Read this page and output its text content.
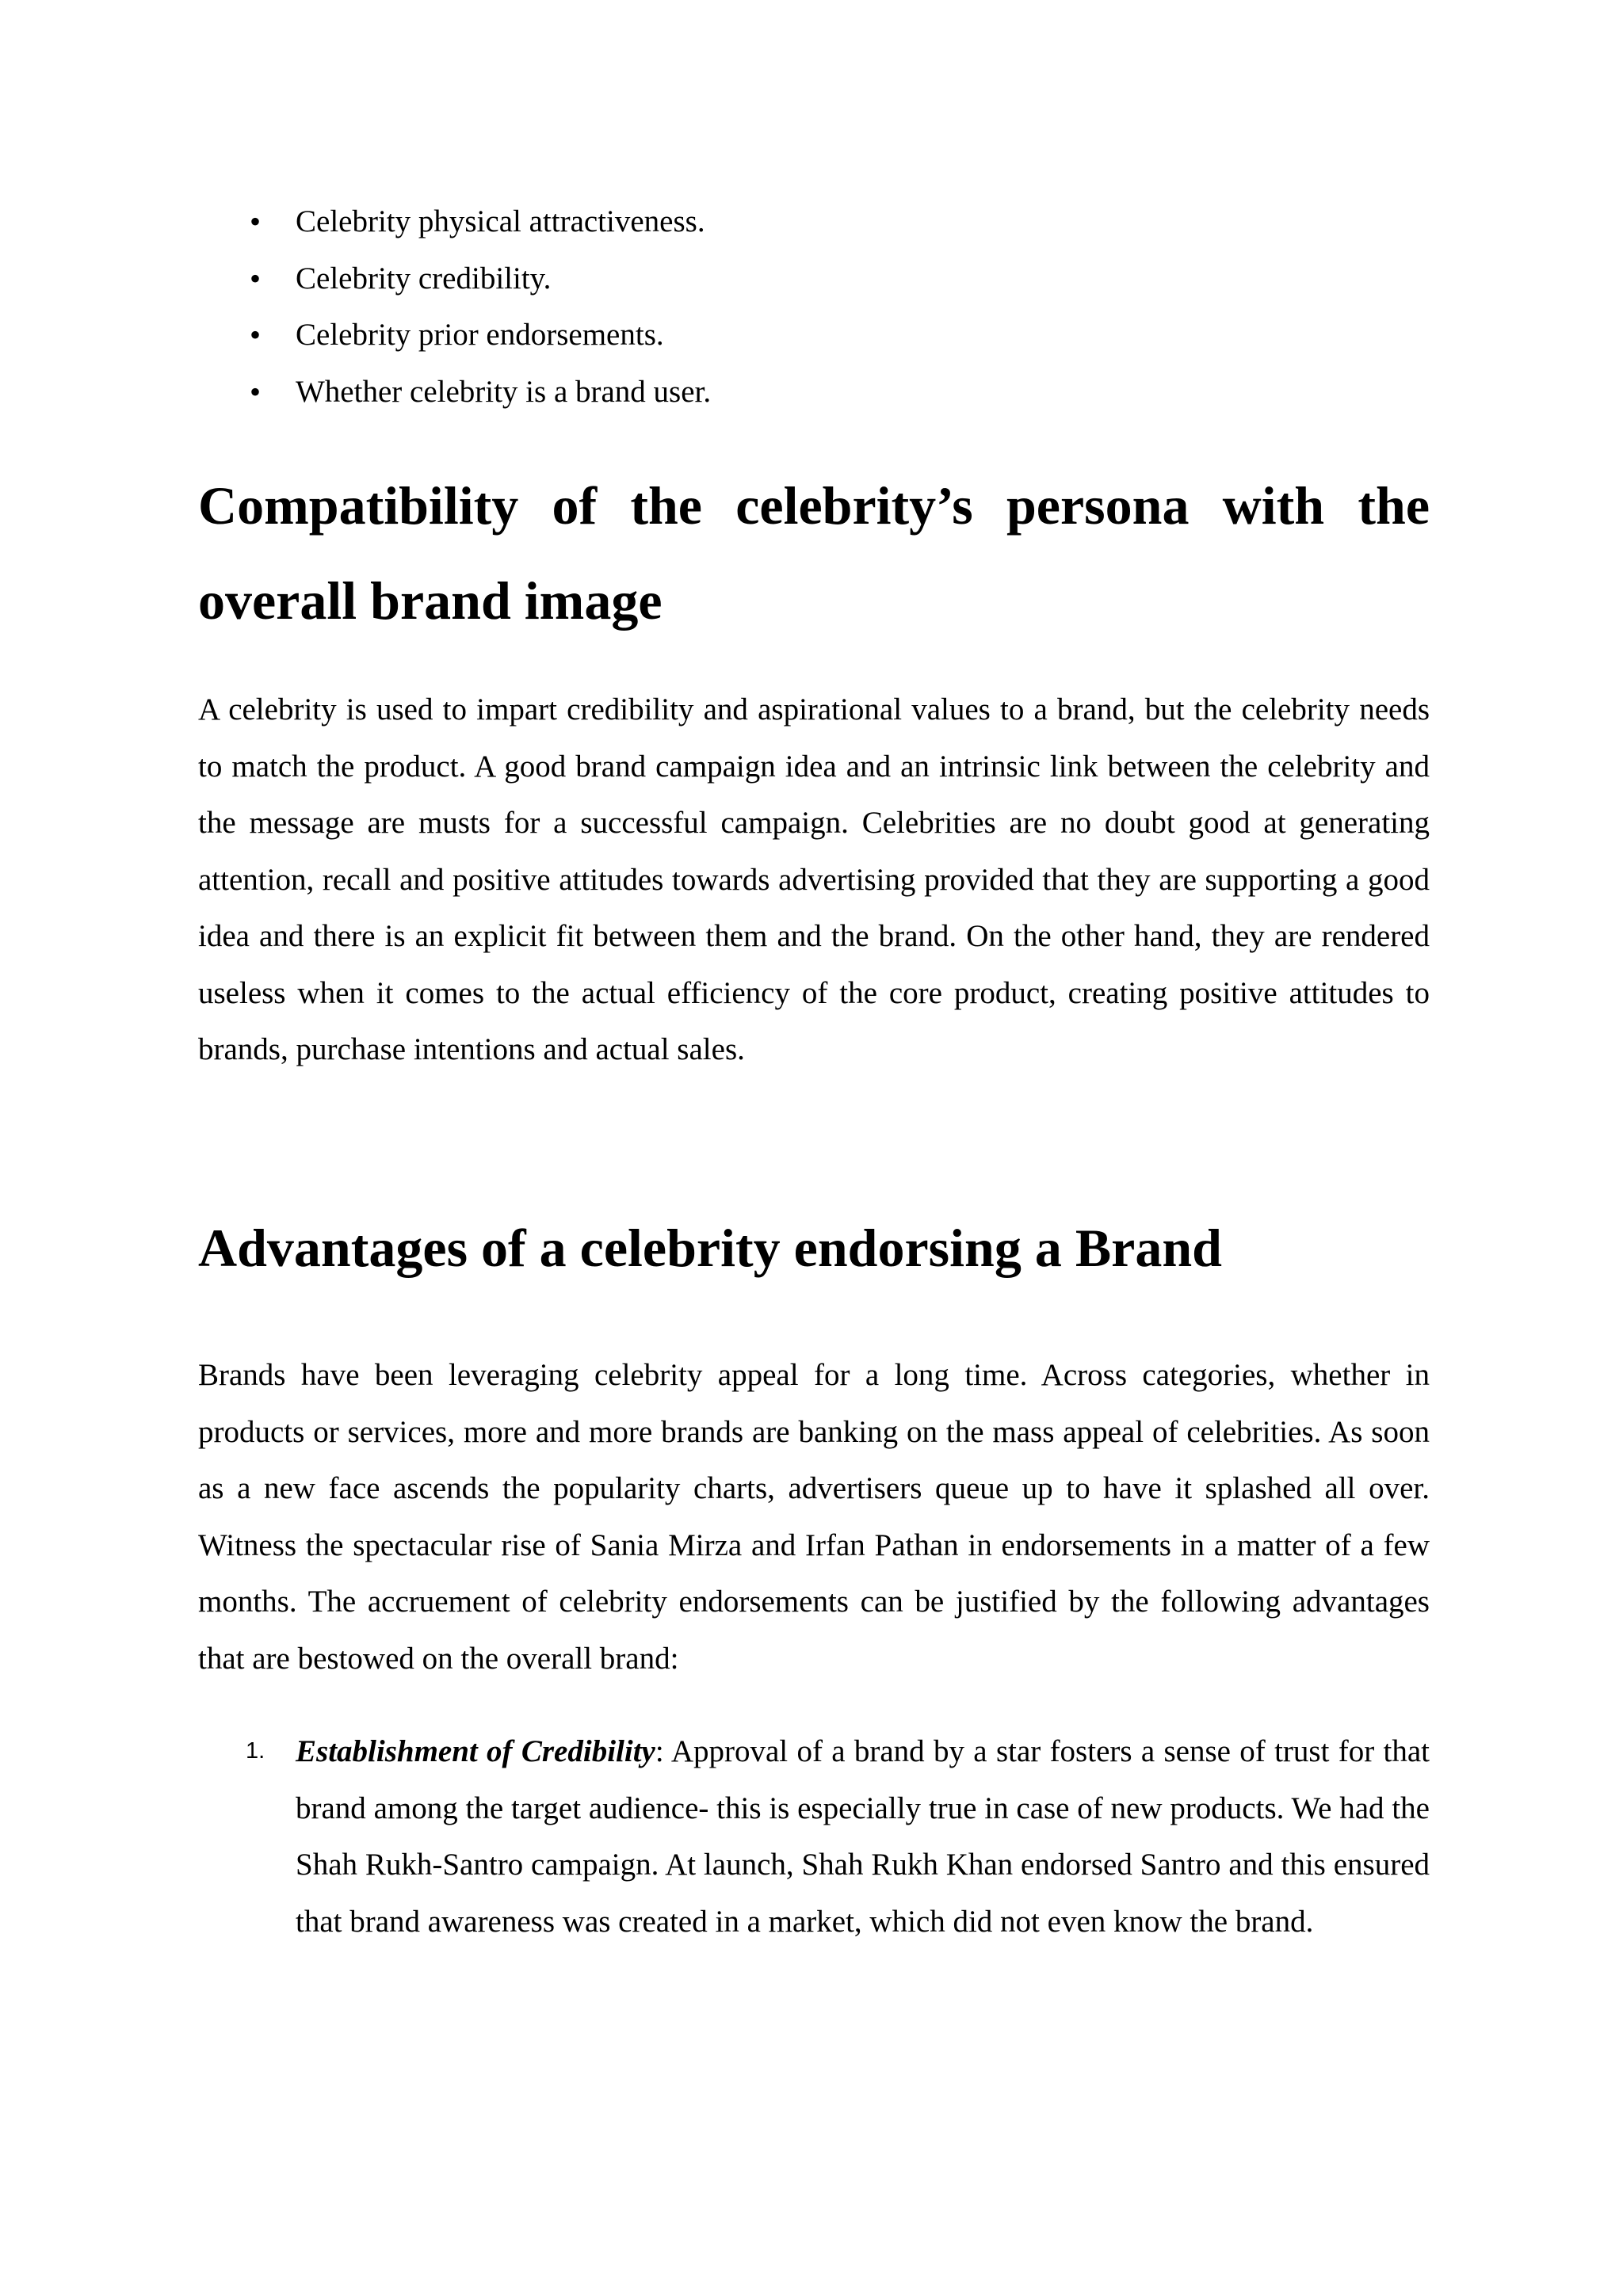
• Celebrity physical attractiveness.
• Celebrity credibility.
• Celebrity prior endorsements.
• Whether celebrity is a brand user.
Compatibility of the celebrity’s persona with the overall brand image

A celebrity is used to impart credibility and aspirational values to a brand, but the celebrity needs to match the product. A good brand campaign idea and an intrinsic link between the celebrity and the message are musts for a successful campaign. Celebrities are no doubt good at generating attention, recall and positive attitudes towards advertising provided that they are supporting a good idea and there is an explicit fit between them and the brand. On the other hand, they are rendered useless when it comes to the actual efficiency of the core product, creating positive attitudes to brands, purchase intentions and actual sales.

Advantages of a celebrity endorsing a Brand

Brands have been leveraging celebrity appeal for a long time. Across categories, whether in products or services, more and more brands are banking on the mass appeal of celebrities. As soon as a new face ascends the popularity charts, advertisers queue up to have it splashed all over. Witness the spectacular rise of Sania Mirza and Irfan Pathan in endorsements in a matter of a few months. The accruement of celebrity endorsements can be justified by the following advantages that are bestowed on the overall brand:

1. Establishment of Credibility: Approval of a brand by a star fosters a sense of trust for that brand among the target audience- this is especially true in case of new products. We had the Shah Rukh-Santro campaign. At launch, Shah Rukh Khan endorsed Santro and this ensured that brand awareness was created in a market, which did not even know the brand.
